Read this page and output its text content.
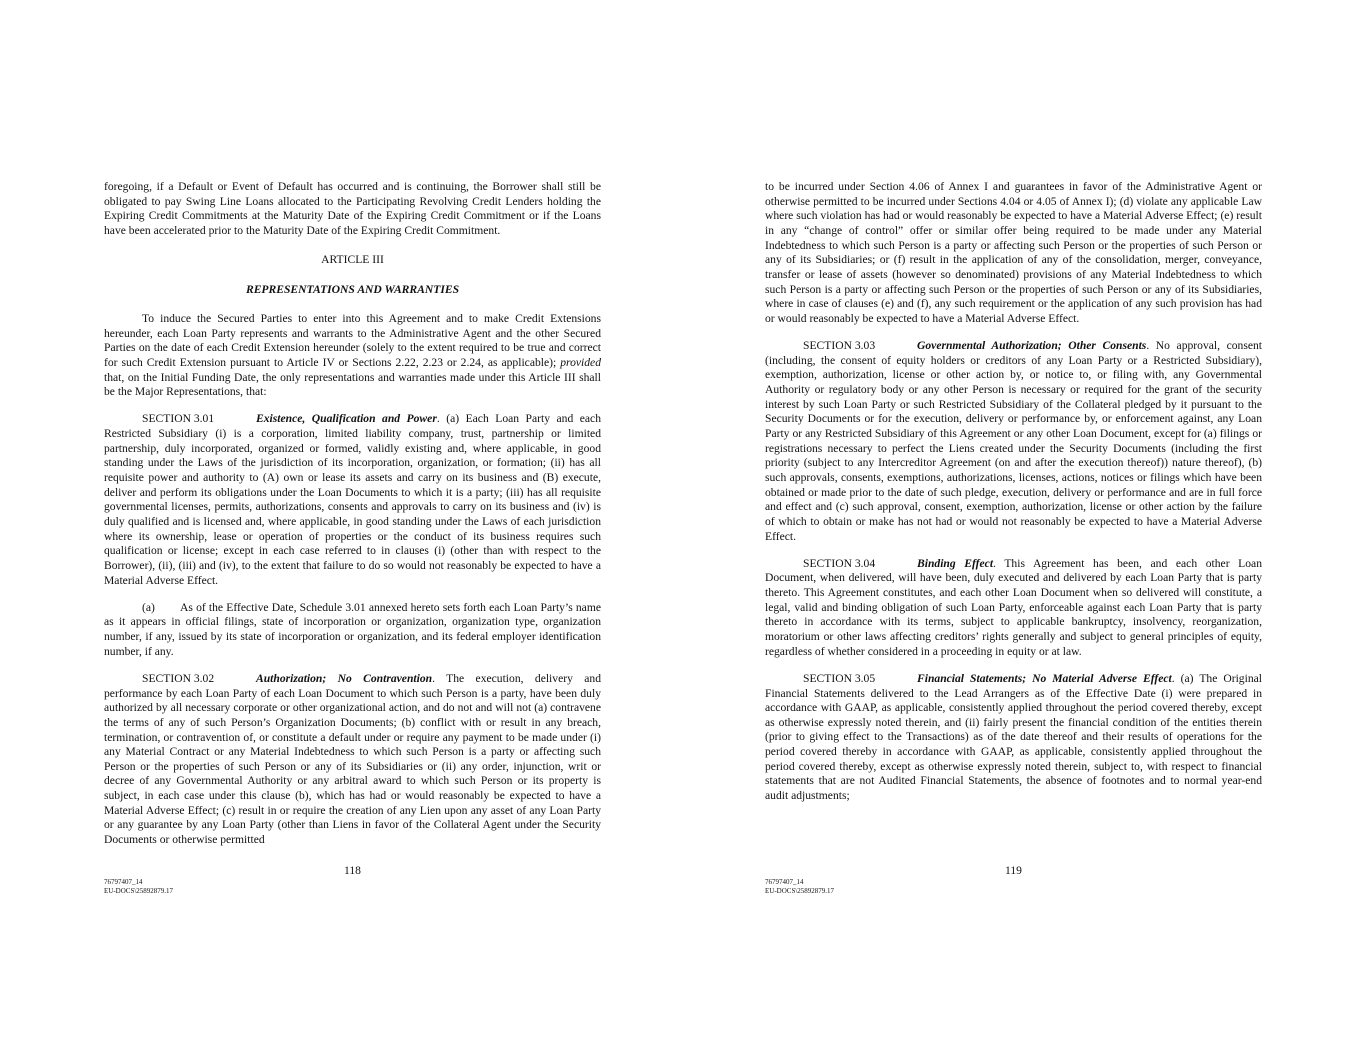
foregoing, if a Default or Event of Default has occurred and is continuing, the Borrower shall still be obligated to pay Swing Line Loans allocated to the Participating Revolving Credit Lenders holding the Expiring Credit Commitments at the Maturity Date of the Expiring Credit Commitment or if the Loans have been accelerated prior to the Maturity Date of the Expiring Credit Commitment.

ARTICLE III

REPRESENTATIONS AND WARRANTIES

To induce the Secured Parties to enter into this Agreement and to make Credit Extensions hereunder, each Loan Party represents and warrants to the Administrative Agent and the other Secured Parties on the date of each Credit Extension hereunder (solely to the extent required to be true and correct for such Credit Extension pursuant to Article IV or Sections 2.22, 2.23 or 2.24, as applicable); provided that, on the Initial Funding Date, the only representations and warranties made under this Article III shall be the Major Representations, that:

SECTION 3.01	Existence, Qualification and Power. (a) Each Loan Party and each Restricted Subsidiary (i) is a corporation, limited liability company, trust, partnership or limited partnership, duly incorporated, organized or formed, validly existing and, where applicable, in good standing under the Laws of the jurisdiction of its incorporation, organization, or formation; (ii) has all requisite power and authority to (A) own or lease its assets and carry on its business and (B) execute, deliver and perform its obligations under the Loan Documents to which it is a party; (iii) has all requisite governmental licenses, permits, authorizations, consents and approvals to carry on its business and (iv) is duly qualified and is licensed and, where applicable, in good standing under the Laws of each jurisdiction where its ownership, lease or operation of properties or the conduct of its business requires such qualification or license; except in each case referred to in clauses (i) (other than with respect to the Borrower), (ii), (iii) and (iv), to the extent that failure to do so would not reasonably be expected to have a Material Adverse Effect.

(a) As of the Effective Date, Schedule 3.01 annexed hereto sets forth each Loan Party’s name as it appears in official filings, state of incorporation or organization, organization type, organization number, if any, issued by its state of incorporation or organization, and its federal employer identification number, if any.

SECTION 3.02	Authorization; No Contravention. The execution, delivery and performance by each Loan Party of each Loan Document to which such Person is a party, have been duly authorized by all necessary corporate or other organizational action, and do not and will not (a) contravene the terms of any of such Person’s Organization Documents; (b) conflict with or result in any breach, termination, or contravention of, or constitute a default under or require any payment to be made under (i) any Material Contract or any Material Indebtedness to which such Person is a party or affecting such Person or the properties of such Person or any of its Subsidiaries or (ii) any order, injunction, writ or decree of any Governmental Authority or any arbitral award to which such Person or its property is subject, in each case under this clause (b), which has had or would reasonably be expected to have a Material Adverse Effect; (c) result in or require the creation of any Lien upon any asset of any Loan Party or any guarantee by any Loan Party (other than Liens in favor of the Collateral Agent under the Security Documents or otherwise permitted

118
76797407_14
EU-DOCS\25892879.17

to be incurred under Section 4.06 of Annex I and guarantees in favor of the Administrative Agent or otherwise permitted to be incurred under Sections 4.04 or 4.05 of Annex I); (d) violate any applicable Law where such violation has had or would reasonably be expected to have a Material Adverse Effect; (e) result in any “change of control” offer or similar offer being required to be made under any Material Indebtedness to which such Person is a party or affecting such Person or the properties of such Person or any of its Subsidiaries; or (f) result in the application of any of the consolidation, merger, conveyance, transfer or lease of assets (however so denominated) provisions of any Material Indebtedness to which such Person is a party or affecting such Person or the properties of such Person or any of its Subsidiaries, where in case of clauses (e) and (f), any such requirement or the application of any such provision has had or would reasonably be expected to have a Material Adverse Effect.

SECTION 3.03	Governmental Authorization; Other Consents. No approval, consent (including, the consent of equity holders or creditors of any Loan Party or a Restricted Subsidiary), exemption, authorization, license or other action by, or notice to, or filing with, any Governmental Authority or regulatory body or any other Person is necessary or required for the grant of the security interest by such Loan Party or such Restricted Subsidiary of the Collateral pledged by it pursuant to the Security Documents or for the execution, delivery or performance by, or enforcement against, any Loan Party or any Restricted Subsidiary of this Agreement or any other Loan Document, except for (a) filings or registrations necessary to perfect the Liens created under the Security Documents (including the first priority (subject to any Intercreditor Agreement (on and after the execution thereof)) nature thereof), (b) such approvals, consents, exemptions, authorizations, licenses, actions, notices or filings which have been obtained or made prior to the date of such pledge, execution, delivery or performance and are in full force and effect and (c) such approval, consent, exemption, authorization, license or other action by the failure of which to obtain or make has not had or would not reasonably be expected to have a Material Adverse Effect.

SECTION 3.04	Binding Effect. This Agreement has been, and each other Loan Document, when delivered, will have been, duly executed and delivered by each Loan Party that is party thereto. This Agreement constitutes, and each other Loan Document when so delivered will constitute, a legal, valid and binding obligation of such Loan Party, enforceable against each Loan Party that is party thereto in accordance with its terms, subject to applicable bankruptcy, insolvency, reorganization, moratorium or other laws affecting creditors’ rights generally and subject to general principles of equity, regardless of whether considered in a proceeding in equity or at law.

SECTION 3.05	Financial Statements; No Material Adverse Effect. (a) The Original Financial Statements delivered to the Lead Arrangers as of the Effective Date (i) were prepared in accordance with GAAP, as applicable, consistently applied throughout the period covered thereby, except as otherwise expressly noted therein, and (ii) fairly present the financial condition of the entities therein (prior to giving effect to the Transactions) as of the date thereof and their results of operations for the period covered thereby in accordance with GAAP, as applicable, consistently applied throughout the period covered thereby, except as otherwise expressly noted therein, subject to, with respect to financial statements that are not Audited Financial Statements, the absence of footnotes and to normal year-end audit adjustments;

119
76797407_14
EU-DOCS\25892879.17
